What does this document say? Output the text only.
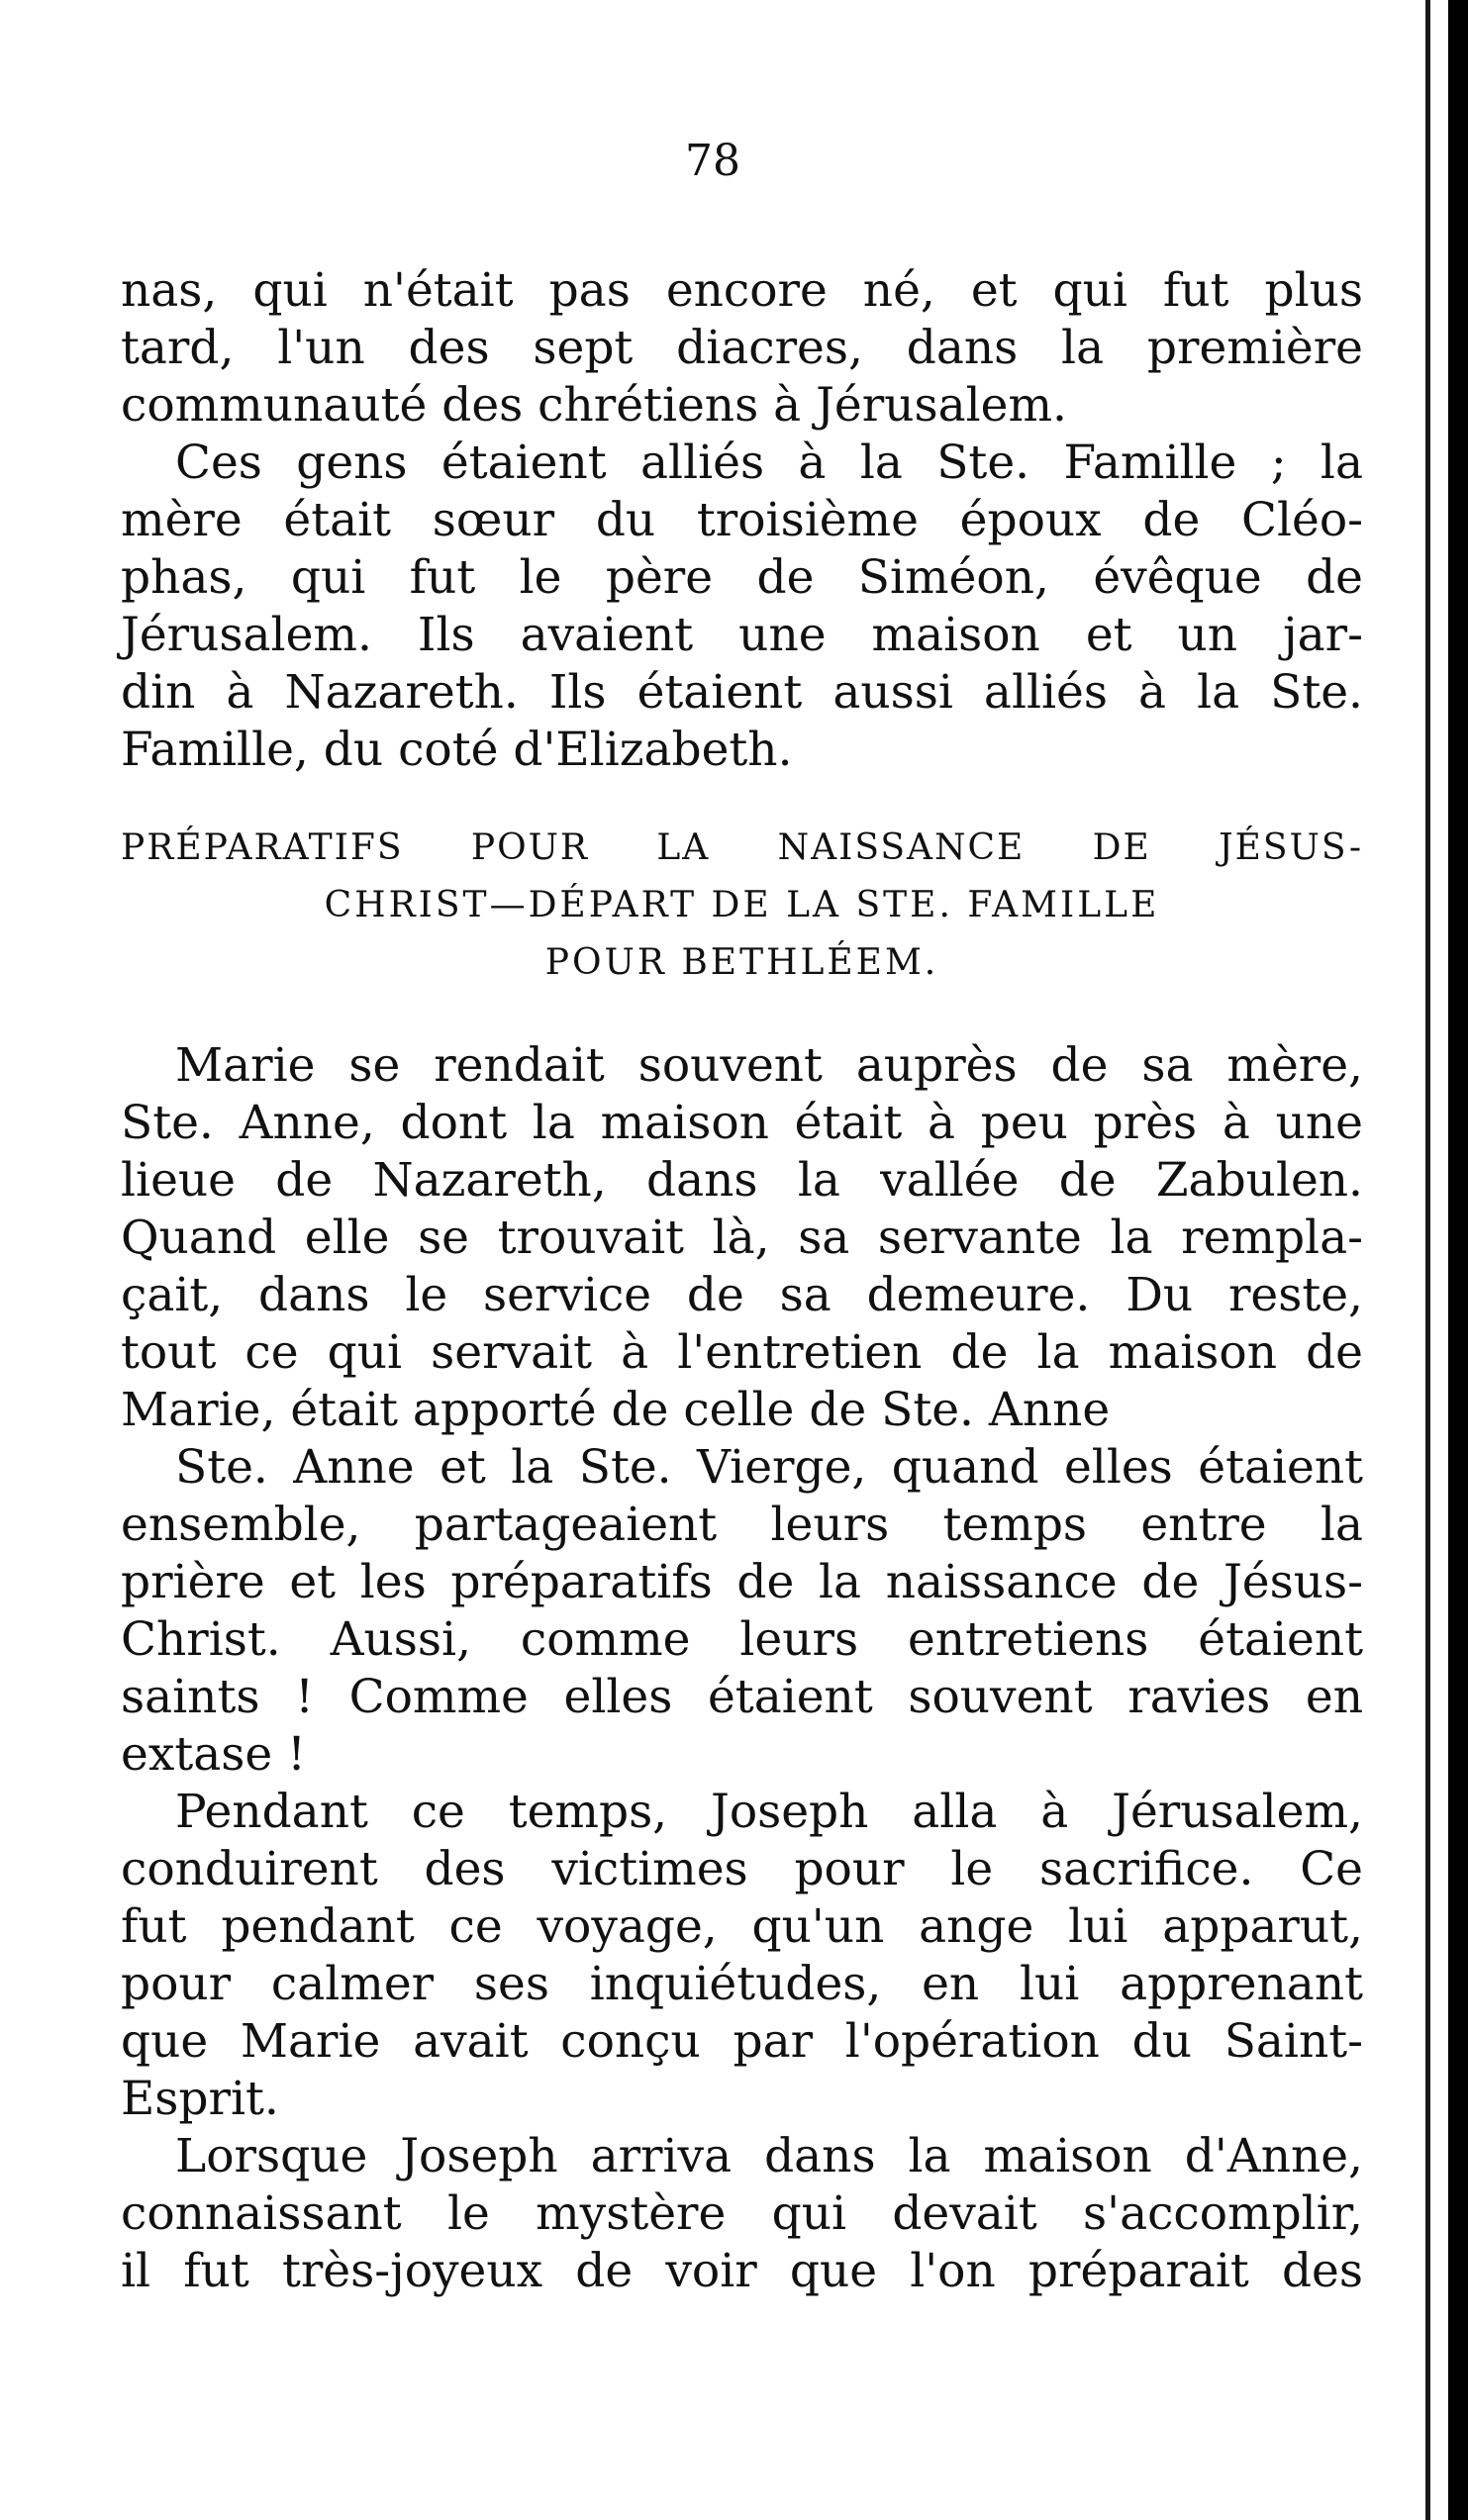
78
nas, qui n'était pas encore né, et qui fut plus
tard, l'un des sept diacres, dans la première
communauté des chrétiens à Jérusalem.
Ces gens étaient alliés à la Ste. Famille ; la
mère était sœur du troisième époux de Cléo-
phas, qui fut le père de Siméon, évêque de
Jérusalem. Ils avaient une maison et un jar-
din à Nazareth. Ils étaient aussi alliés à la Ste.
Famille, du coté d'Elizabeth.
PRÉPARATIFS POUR LA NAISSANCE DE JÉSUS-
CHRIST—DÉPART DE LA STE. FAMILLE
POUR BETHLÉEM.
Marie se rendait souvent auprès de sa mère,
Ste. Anne, dont la maison était à peu près à une
lieue de Nazareth, dans la vallée de Zabulen.
Quand elle se trouvait là, sa servante la rempla-
çait, dans le service de sa demeure. Du reste,
tout ce qui servait à l'entretien de la maison de
Marie, était apporté de celle de Ste. Anne
Ste. Anne et la Ste. Vierge, quand elles étaient
ensemble, partageaient leurs temps entre la
prière et les préparatifs de la naissance de Jésus-
Christ. Aussi, comme leurs entretiens étaient
saints ! Comme elles étaient souvent ravies en
extase !
Pendant ce temps, Joseph alla à Jérusalem,
conduirent des victimes pour le sacrifice. Ce
fut pendant ce voyage, qu'un ange lui apparut,
pour calmer ses inquiétudes, en lui apprenant
que Marie avait conçu par l'opération du Saint-
Esprit.
Lorsque Joseph arriva dans la maison d'Anne,
connaissant le mystère qui devait s'accomplir,
il fut très-joyeux de voir que l'on préparait des
